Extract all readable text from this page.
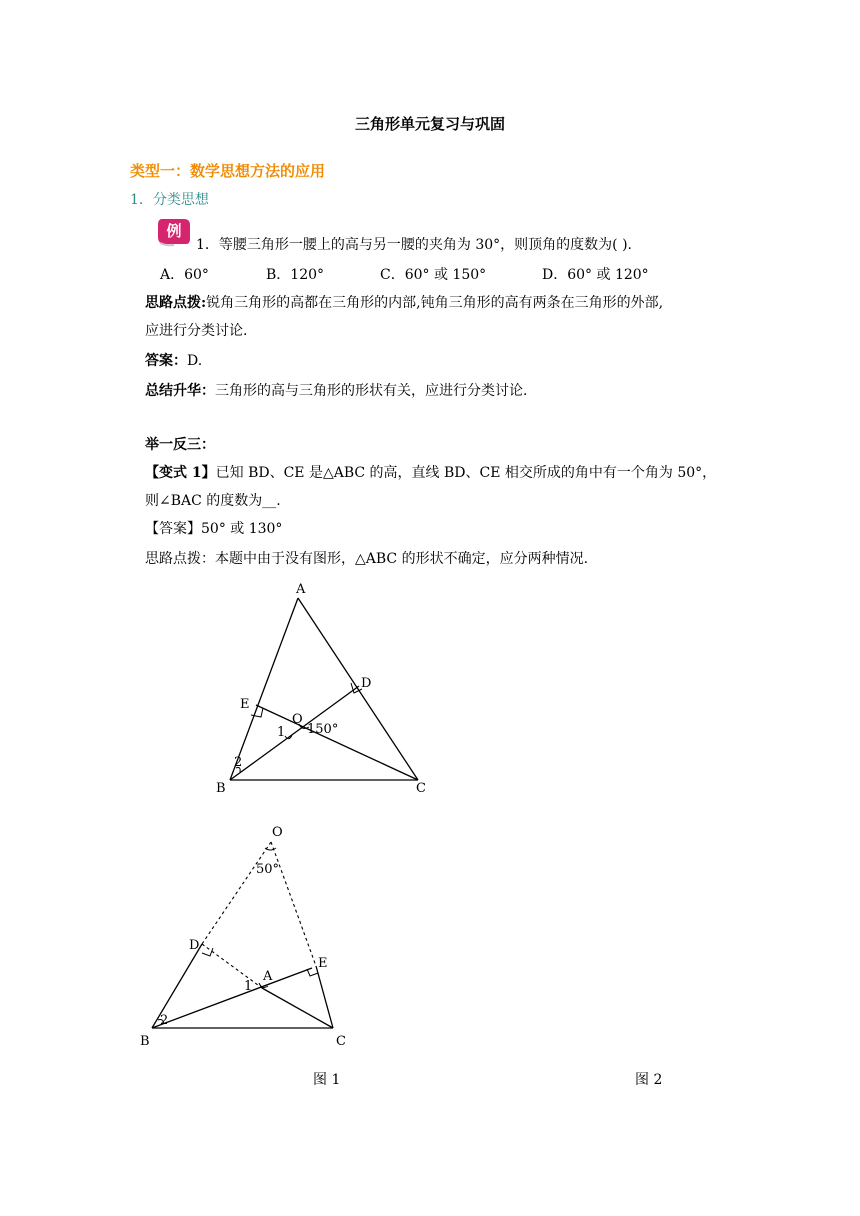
三角形单元复习与巩固
类型一：数学思想方法的应用
1．分类思想
例
1．等腰三角形一腰上的高与另一腰的夹角为 30°，则顶角的度数为( ).
A．60°	B．120°	C．60° 或 150°	D．60° 或 120°
思路点拨:锐角三角形的高都在三角形的内部,钝角三角形的高有两条在三角形的外部,
应进行分类讨论.
答案：D.
总结升华：三角形的高与三角形的形状有关，应进行分类讨论.
举一反三：
【变式 1】已知 BD、CE 是△ABC 的高，直线 BD、CE 相交所成的角中有一个角为 50°，
则∠BAC 的度数为__.
【答案】50° 或 130°
思路点拨：本题中由于没有图形，△ABC 的形状不确定，应分两种情况.
A
E
D
O
1 150°
2
B	C
O
50°
D
E
A
1
2
B	C
图 1	图 2
